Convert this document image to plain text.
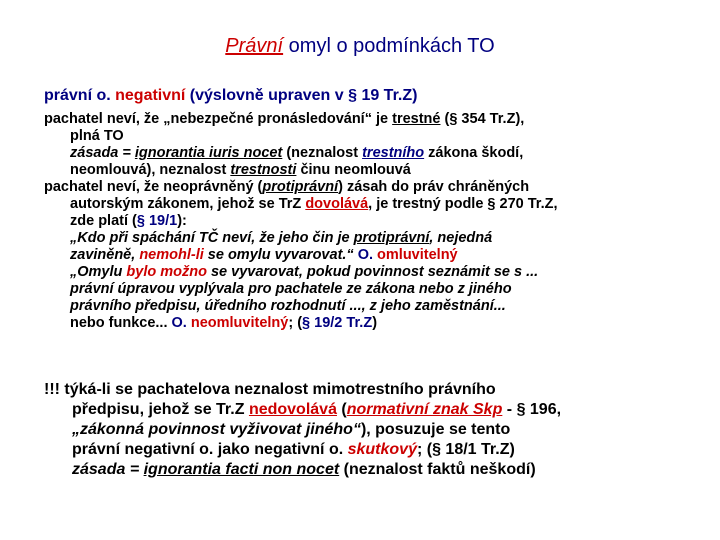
Právní omyl o podmínkách TO
právní o. negativní (výslovně upraven v § 19 Tr.Z)

pachatel neví, že „nebezpečné pronásledování“ je trestné (§ 354 Tr.Z),
plná TO

zásada = ignorantia iuris nocet (neznalost trestního zákona škodí,
neomlouvá), neznalost trestnosti činu neomlouvá

pachatel neví, že neoprávněný (protiprávní) zásah do práv chráněných
autorským zákonem, jehož se TrZ dovolává, je trestný podle § 270 Tr.Z,
zde platí (§ 19/1):

„Kdo při spáchání TČ neví, že jeho čin je protiprávní, nejedná
zaviněně, nemohl-li se omylu vyvarovat.“ O. omluvitelný

„Omylu bylo možno se vyvarovat, pokud povinnost seznámit se s ...
právní úpravou vyplývala pro pachatele ze zákona nebo z jiného
právního předpisu, úředního rozhodnutí ..., z jeho zaměstnání...
nebo funkce... O. neomluvitelný; (§ 19/2 Tr.Z)

!!! týká-li se pachatelova neznalost mimotrestního právního
předpisu, jehož se Tr.Z nedovolává (normativní znak Skp - § 196,
„zákonná povinnost vyživovat jiného“), posuzuje se tento
právní negativní o. jako negativní o. skutkový; (§ 18/1 Tr.Z)
zásada = ignorantia facti non nocet (neznalost faktů neškodí)
